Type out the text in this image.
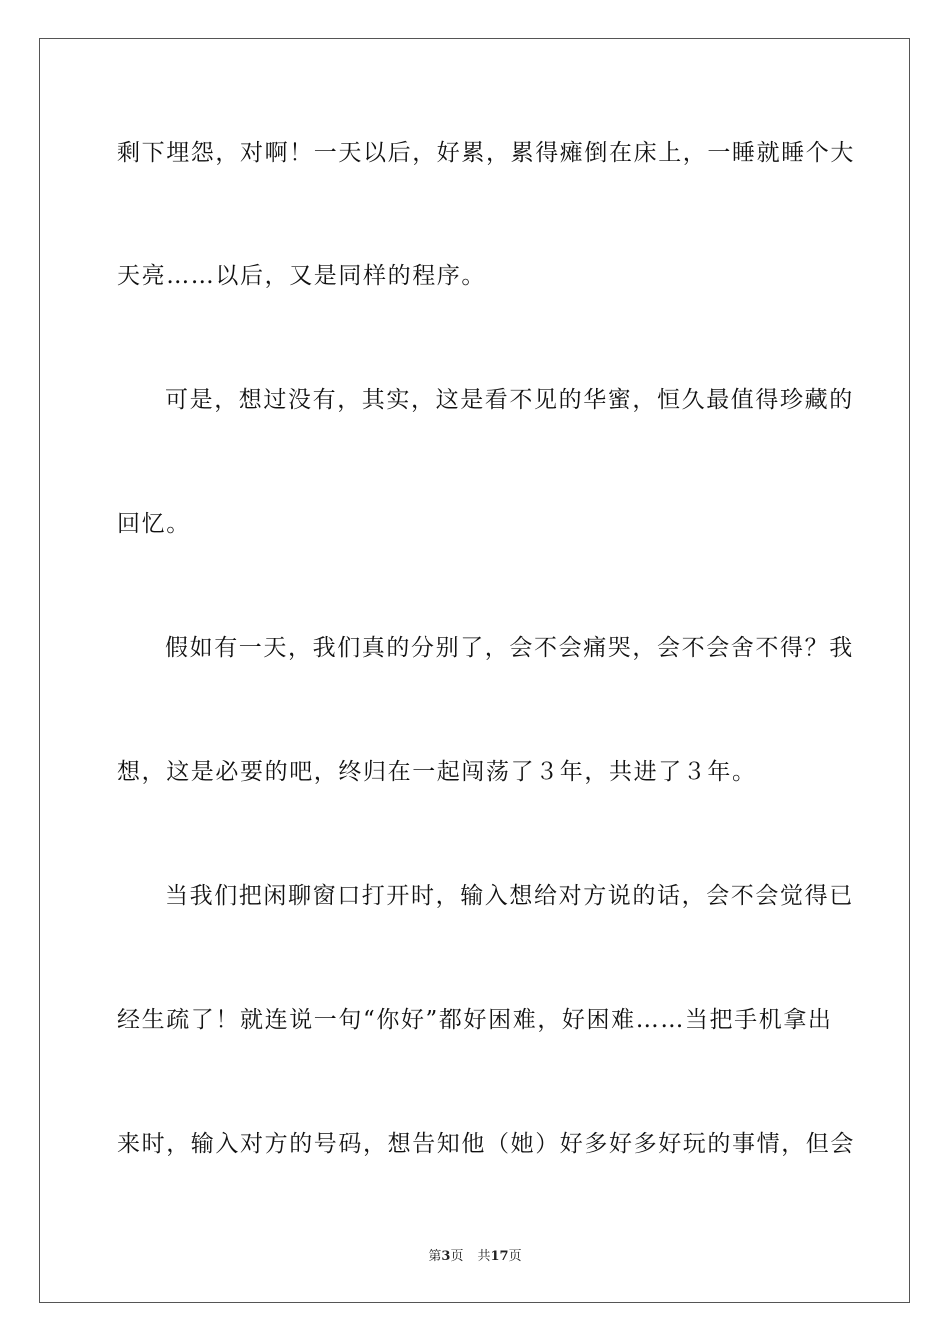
剩下埋怨，对啊！一天以后，好累，累得瘫倒在床上，一睡就睡个大
天亮……以后，又是同样的程序。
可是，想过没有，其实，这是看不见的华蜜，恒久最值得珍藏的
回忆。
假如有一天，我们真的分别了，会不会痛哭，会不会舍不得？我
想，这是必要的吧，终归在一起闯荡了３年，共进了３年。
当我们把闲聊窗口打开时，输入想给对方说的话，会不会觉得已
经生疏了！就连说一句“你好”都好困难，好困难……当把手机拿出
来时，输入对方的号码，想告知他（她）好多好多好玩的事情，但会
第3页 共17页
